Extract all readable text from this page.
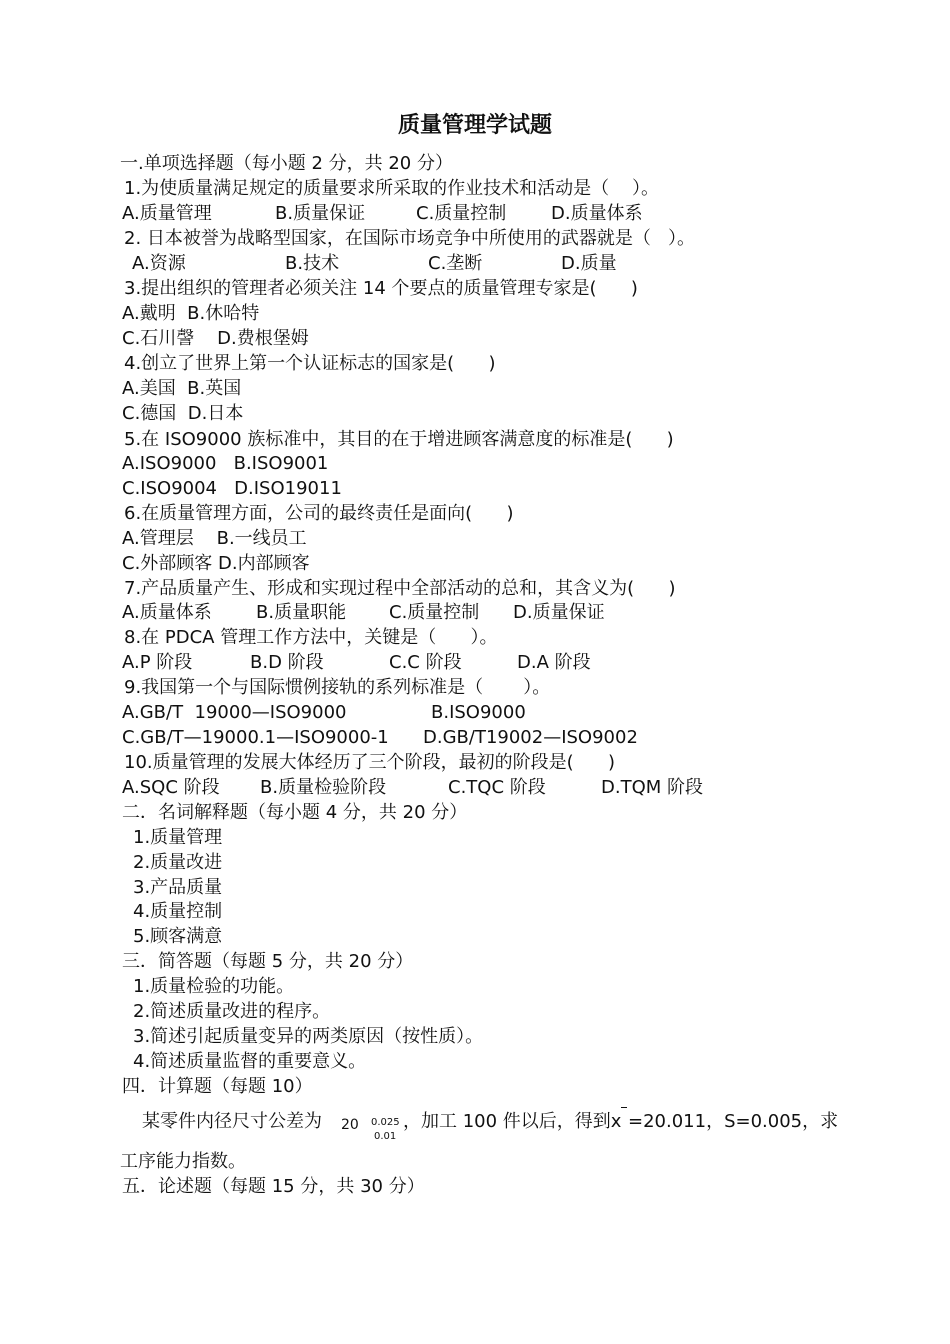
质量管理学试题
一.单项选择题（每小题 2 分，共 20 分）
1.为使质量满足规定的质量要求所采取的作业技术和活动是（    ）。
A.质量管理	B.质量保证	C.质量控制 D.质量体系
2. 日本被誉为战略型国家，在国际市场竞争中所使用的武器就是（   ）。
A.资源	B.技术	C.垄断	D.质量
3.提出组织的管理者必须关注 14 个要点的质量管理专家是(      )
A.戴明  B.休哈特
C.石川謦    D.费根堡姆
4.创立了世界上第一个认证标志的国家是(      )
A.美国  B.英国
C.德国  D.日本
5.在 ISO9000 族标准中，其目的在于增进顾客满意度的标准是(      )
A.ISO9000   B.ISO9001
C.ISO9004   D.ISO19011
6.在质量管理方面，公司的最终责任是面向(      )
A.管理层    B.一线员工
C.外部顾客 D.内部顾客
7.产品质量产生、形成和实现过程中全部活动的总和，其含义为(      )
A.质量体系 B.质量职能 C.质量控制 D.质量保证
8.在 PDCA 管理工作方法中，关键是（      ）。
A.P 阶段	B.D 阶段	C.C 阶段	D.A 阶段
9.我国第一个与国际惯例接轨的系列标准是（       ）。
A.GB/T  19000—ISO9000	B.ISO9000
C.GB/T—19000.1—ISO9000-1 D.GB/T19002—ISO9002
10.质量管理的发展大体经历了三个阶段，最初的阶段是(      )
A.SQC 阶段 B.质量检验阶段	C.TQC 阶段	D.TQM 阶段
二．名词解释题（每小题 4 分，共 20 分）
1.质量管理
2.质量改进
3.产品质量
4.质量控制
5.顾客满意
三．简答题（每题 5 分，共 20 分）
1.质量检验的功能。
2.简述质量改进的程序。
3.简述引起质量变异的两类原因（按性质）。
4.简述质量监督的重要意义。
四．计算题（每题 10）
某零件内径尺寸公差为 20 0.025
0.01
，加工 100 件以后，得到x =20.011，S=0.005，求
工序能力指数。
五．论述题（每题 15 分，共 30 分）
